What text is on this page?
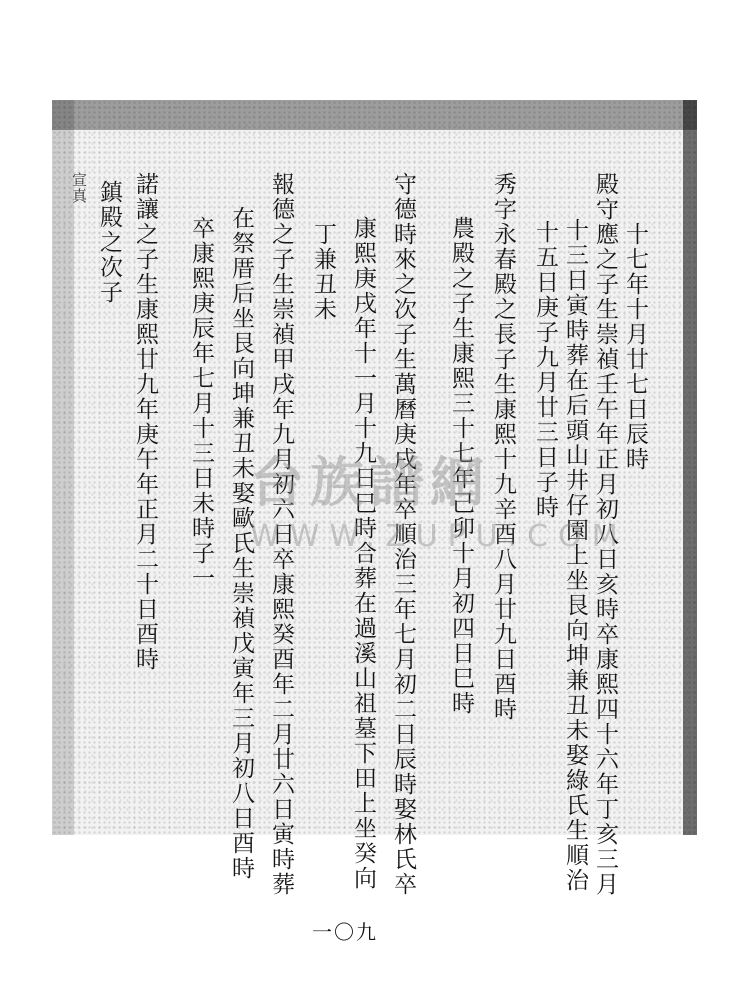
十七年十月廿七日辰時
殿守應之子生崇禎壬午年正月初八日亥時卒康熙四十六年丁亥三月
十三日寅時葬在后頭山井仔園上坐艮向坤兼丑未娶綠氏生順治
十五日庚子九月廿三日子時
秀字永春殿之長子生康熙十九辛酉八月廿九日酉時
農殿之子生康熙三十七年己卯十月初四日巳時
守德時來之次子生萬曆庚戌年卒順治三年七月初二日辰時娶林氏卒
康熙庚戌年十一月十九日巳時合葬在過溪山祖墓下田上坐癸向
丁兼丑未
報德之子生崇禎甲戌年九月初六日卒康熙癸酉年二月廿六日寅時葬
在祭厝后坐艮向坤兼丑未娶歐氏生崇禎戊寅年三月初八日酉時
卒康熙庚辰年七月十三日未時子一
諾讓之子生康熙廿九年庚午年正月二十日酉時
鎮殿之次子
宣真
台族譜網
WWW.ZUPU.COM
一〇九
